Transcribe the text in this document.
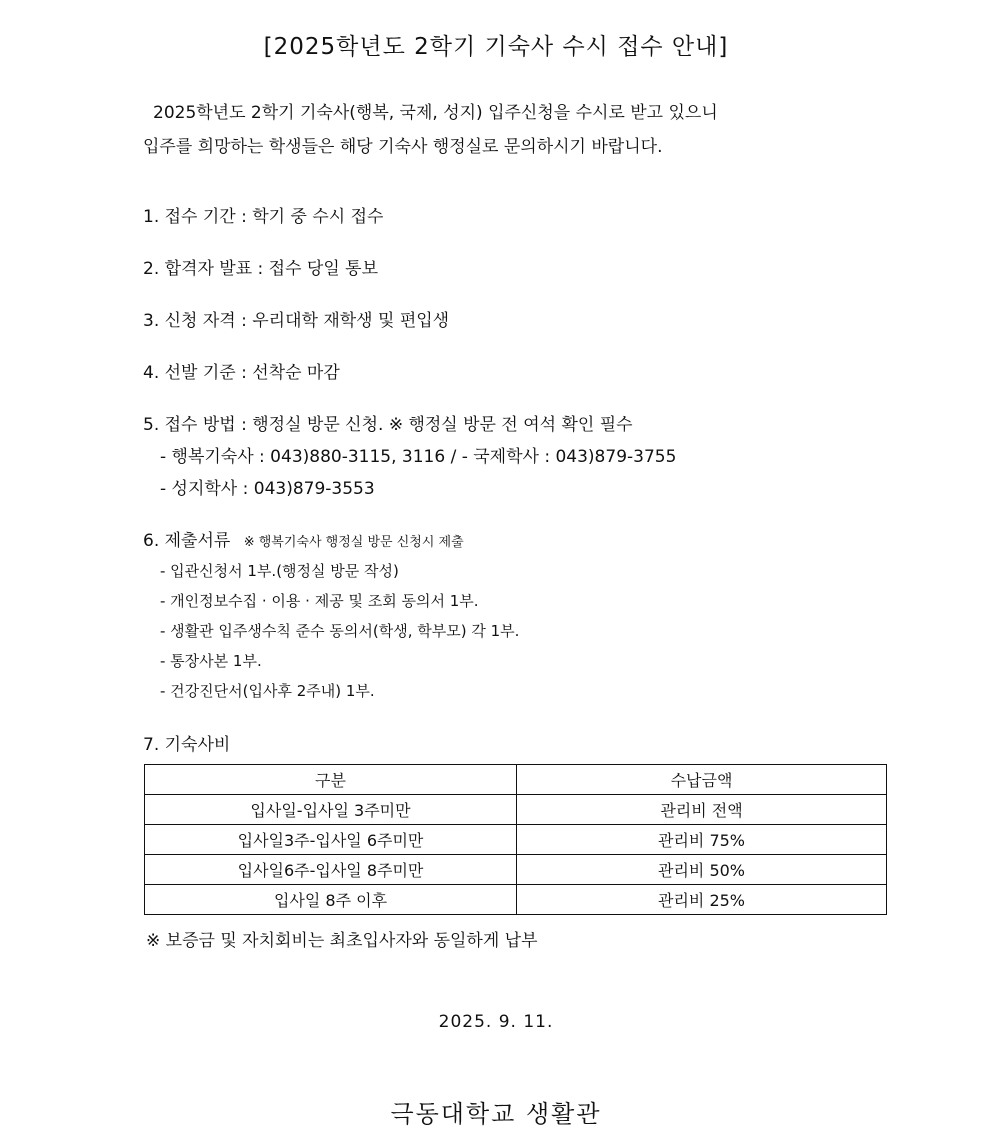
[2025학년도 2학기 기숙사 수시 접수 안내]
2025학년도 2학기 기숙사(행복, 국제, 성지) 입주신청을 수시로 받고 있으니
입주를 희망하는 학생들은 해당 기숙사 행정실로 문의하시기 바랍니다.
1. 접수 기간 : 학기 중 수시 접수
2. 합격자 발표 : 접수 당일 통보
3. 신청 자격 : 우리대학 재학생 및 편입생
4. 선발 기준 : 선착순 마감
5. 접수 방법 : 행정실 방문 신청. ※ 행정실 방문 전 여석 확인 필수
- 행복기숙사 : 043)880-3115, 3116 / - 국제학사 : 043)879-3755
- 성지학사 : 043)879-3553
6. 제출서류 ※ 행복기숙사 행정실 방문 신청시 제출
- 입관신청서 1부.(행정실 방문 작성)
- 개인정보수집 · 이용 · 제공 및 조회 동의서 1부.
- 생활관 입주생수칙 준수 동의서(학생, 학부모) 각 1부.
- 통장사본 1부.
- 건강진단서(입사후 2주내) 1부.
7. 기숙사비
구분	수납금액
입사일-입사일 3주미만	관리비 전액
입사일3주-입사일 6주미만	관리비 75%
입사일6주-입사일 8주미만	관리비 50%
입사일 8주 이후	관리비 25%
※ 보증금 및 자치회비는 최초입사자와 동일하게 납부
2025. 9. 11.
극동대학교 생활관
